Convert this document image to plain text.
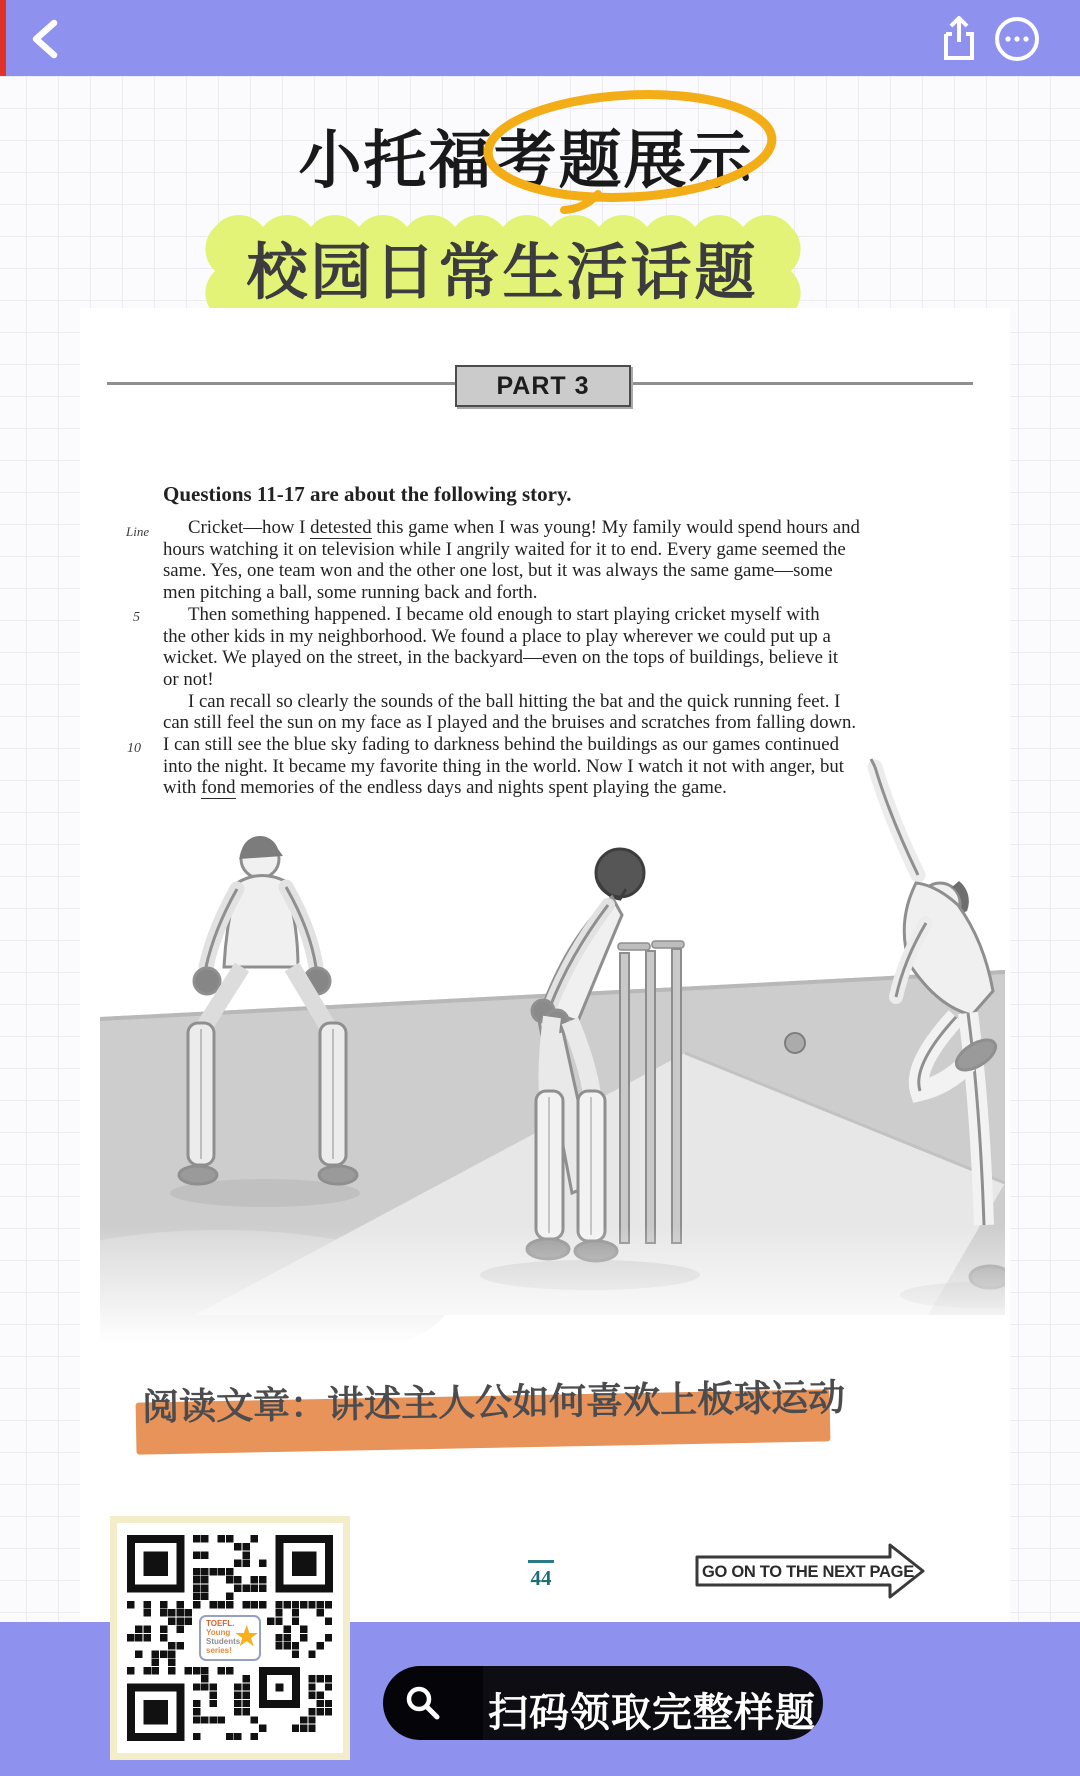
小托福考题展示
校园日常生活话题
PART 3
Questions 11-17 are about the following story.
Line
5
10
Cricket—how I detested this game when I was young! My family would spend hours and
hours watching it on television while I angrily waited for it to end. Every game seemed the
same. Yes, one team won and the other one lost, but it was always the same game—some
men pitching a ball, some running back and forth.
Then something happened. I became old enough to start playing cricket myself with
the other kids in my neighborhood. We found a place to play wherever we could put up a
wicket. We played on the street, in the backyard—even on the tops of buildings, believe it
or not!
I can recall so clearly the sounds of the ball hitting the bat and the quick running feet. I
can still feel the sun on my face as I played and the bruises and scratches from falling down.
I can still see the blue sky fading to darkness behind the buildings as our games continued
into the night. It became my favorite thing in the world. Now I watch it not with anger, but
with fond memories of the endless days and nights spent playing the game.
阅读文章：讲述主人公如何喜欢上板球运动
44	GO ON TO THE NEXT PAGE
TOEFL.
Young
Students
series! ★
扫码领取完整样题
